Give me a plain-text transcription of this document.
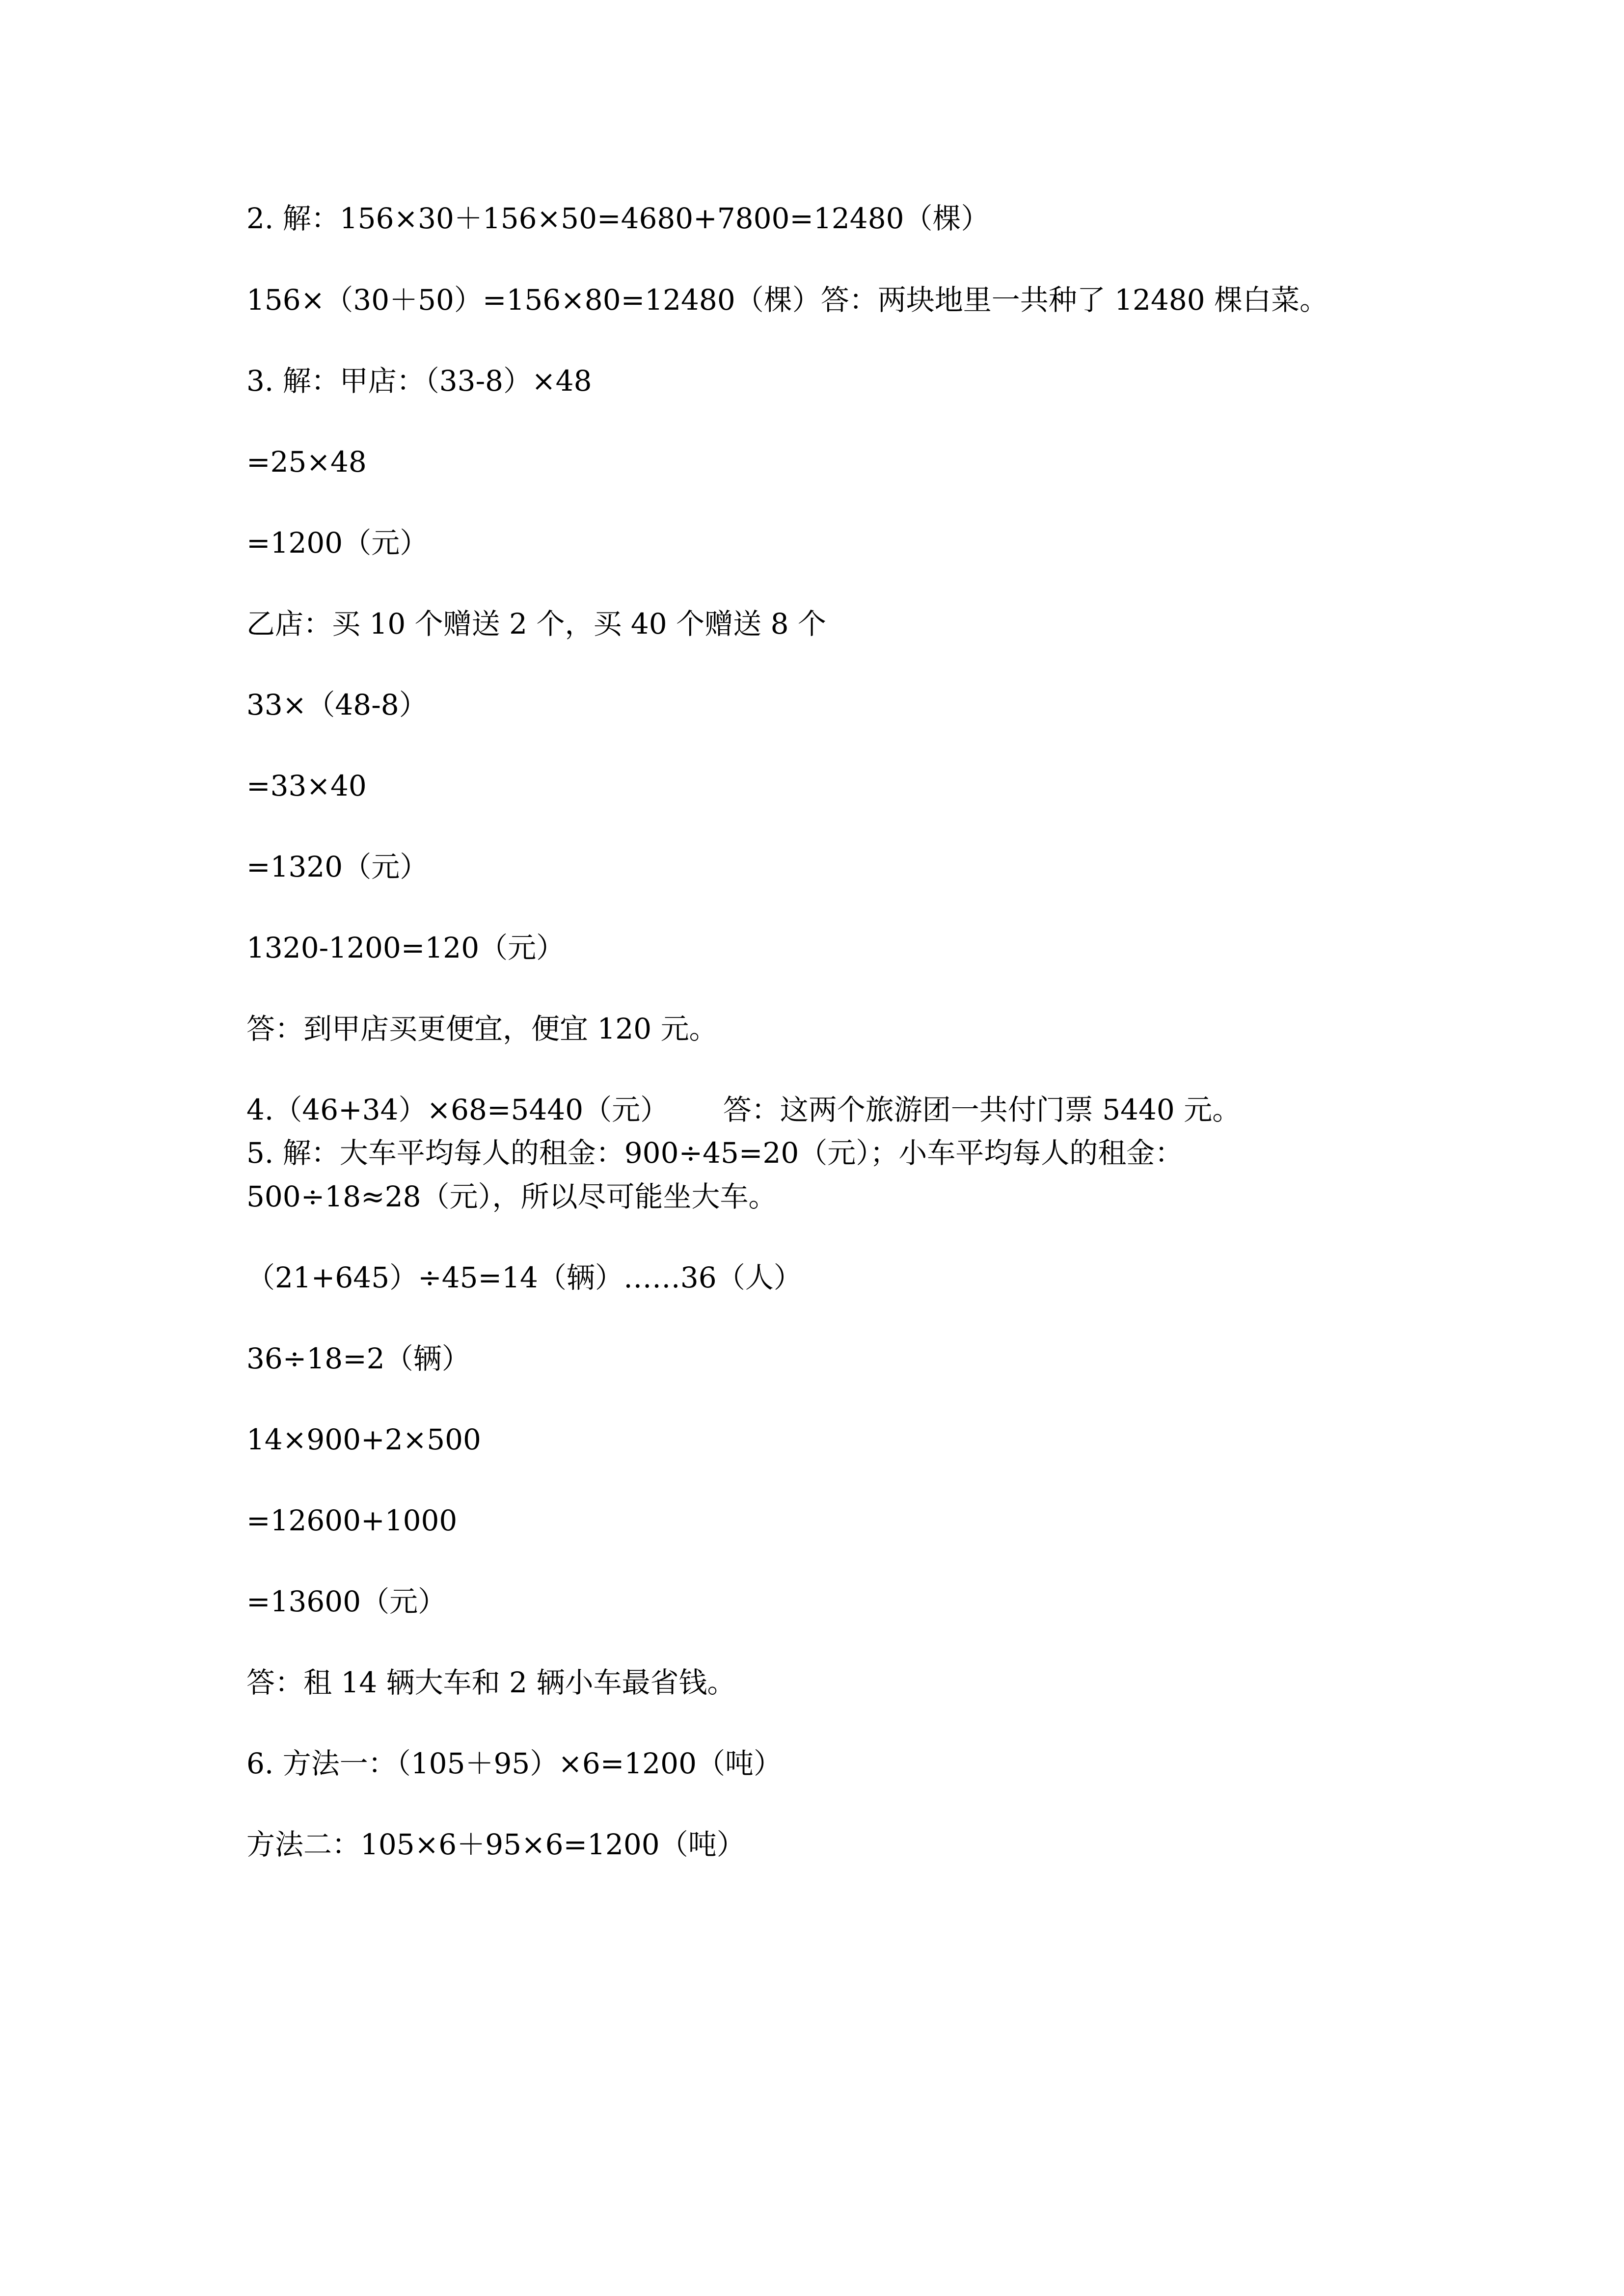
2. 解：156×30＋156×50=4680+7800=12480（棵）
156×（30＋50）=156×80=12480（棵）答：两块地里一共种了 12480 棵白菜。
3. 解：甲店：（33-8）×48
=25×48
=1200（元）
乙店：买 10 个赠送 2 个，买 40 个赠送 8 个
33×（48-8）
=33×40
=1320（元）
1320-1200=120（元）
答：到甲店买更便宜，便宜 120 元。
4.（46+34）×68=5440（元）      答：这两个旅游团一共付门票 5440 元。
5. 解：大车平均每人的租金：900÷45=20（元）；小车平均每人的租金：
500÷18≈28（元），所以尽可能坐大车。
（21+645）÷45=14（辆）……36（人）
36÷18=2（辆）
14×900+2×500
=12600+1000
=13600（元）
答：租 14 辆大车和 2 辆小车最省钱。
6. 方法一：（105＋95）×6=1200（吨）
方法二：105×6＋95×6=1200（吨）
